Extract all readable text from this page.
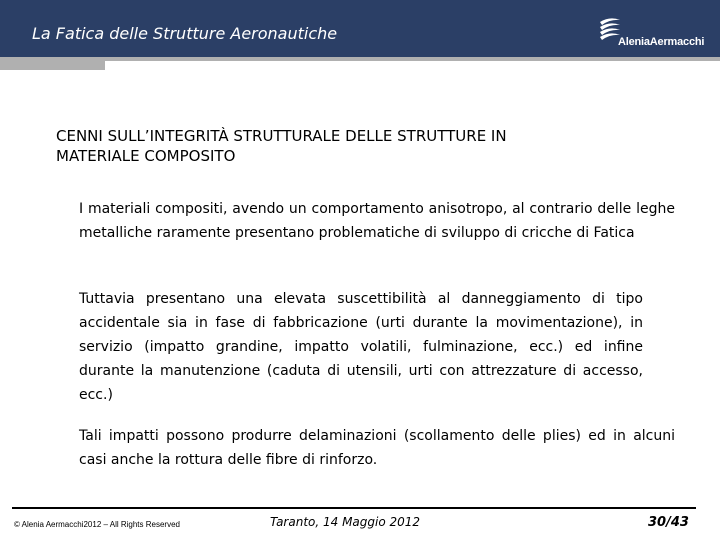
La Fatica delle Strutture Aeronautiche	AleniaAermacchi
CENNI SULL’INTEGRITÀ STRUTTURALE DELLE STRUTTURE IN
MATERIALE COMPOSITO
I materiali compositi, avendo un comportamento anisotropo, al contrario delle leghe metalliche raramente presentano problematiche di sviluppo di cricche di Fatica
Tuttavia presentano una elevata suscettibilità al danneggiamento di tipo accidentale sia in fase di fabbricazione (urti durante la movimentazione), in servizio (impatto grandine, impatto volatili, fulminazione, ecc.) ed infine durante la manutenzione (caduta di utensili, urti con attrezzature di accesso, ecc.)
Tali impatti possono produrre delaminazioni (scollamento delle plies) ed in alcuni casi anche la rottura delle fibre di rinforzo.
© Alenia Aermacchi2012 – All Rights Reserved	Taranto, 14 Maggio 2012	30/43
